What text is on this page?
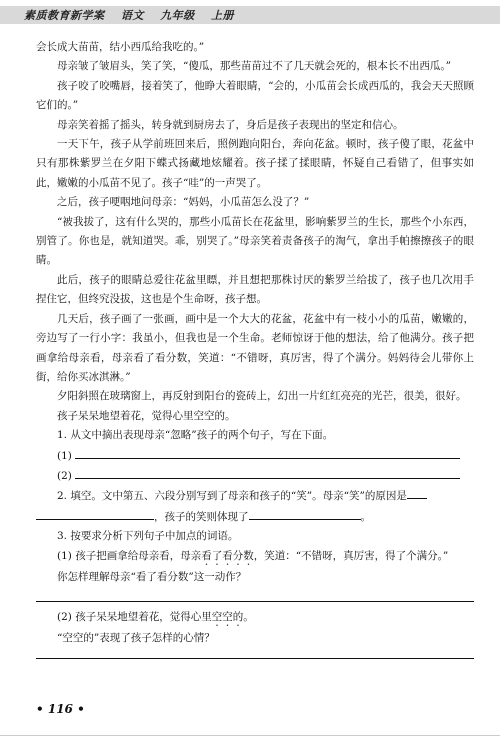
素质教育新学案 语文 九年级 上册

会长成大苗苗，结小西瓜给我吃的。”

母亲皱了皱眉头，笑了笑，“傻瓜，那些苗苗过不了几天就会死的，根本长不出西瓜。”

孩子咬了咬嘴唇，接着笑了，他睁大着眼睛，“会的，小瓜苗会长成西瓜的，我会天天照顾它们的。”

母亲笑着摇了摇头，转身就到厨房去了，身后是孩子表现出的坚定和信心。

一天下午，孩子从学前班回来后，照例跑向阳台，奔向花盆。顿时，孩子傻了眼，花盆中只有那株紫罗兰在夕阳下蝶式扬藏地炫耀着。孩子揉了揉眼睛，怀疑自己看错了，但事实如此，嫩嫩的小瓜苗不见了。孩子“哇”的一声哭了。

之后，孩子哽咽地问母亲：“妈妈，小瓜苗怎么没了？”

“被我拔了，这有什么哭的，那些小瓜苗长在花盆里，影响紫罗兰的生长，那些个小东西，别管了。你也是，就知道哭。乖，别哭了。”母亲笑着责备孩子的淘气，拿出手帕擦擦孩子的眼睛。

此后，孩子的眼睛总爱往花盆里瞟，并且想把那株讨厌的紫罗兰给拔了，孩子也几次用手捏住它，但终究没拔，这也是个生命呀，孩子想。

几天后，孩子画了一张画，画中是一个大大的花盆，花盆中有一枝小小的瓜苗，嫩嫩的，旁边写了一行小字：我虽小，但我也是一个生命。老师惊讶于他的想法，给了他满分。孩子把画拿给母亲看，母亲看了看分数，笑道：“不错呀，真厉害，得了个满分。妈妈待会儿带你上街，给你买冰淇淋。”

夕阳斜照在玻璃窗上，再反射到阳台的瓷砖上，幻出一片红红亮亮的光芒，很美，很好。

孩子呆呆地望着花，觉得心里空空的。

1. 从文中摘出表现母亲“忽略”孩子的两个句子，写在下面。

(1)

(2)

2. 填空。文中第五、六段分别写到了母亲和孩子的“笑”。母亲“笑”的原因是

，孩子的笑则体现了	。

3. 按要求分析下列句子中加点的词语。

(1) 孩子把画拿给母亲看，母亲看了看分数，笑道：“不错呀，真厉害，得了个满分。”

你怎样理解母亲“看了看分数”这一动作？

(2) 孩子呆呆地望着花，觉得心里空空的。

“空空的”表现了孩子怎样的心情？

• 116 •
